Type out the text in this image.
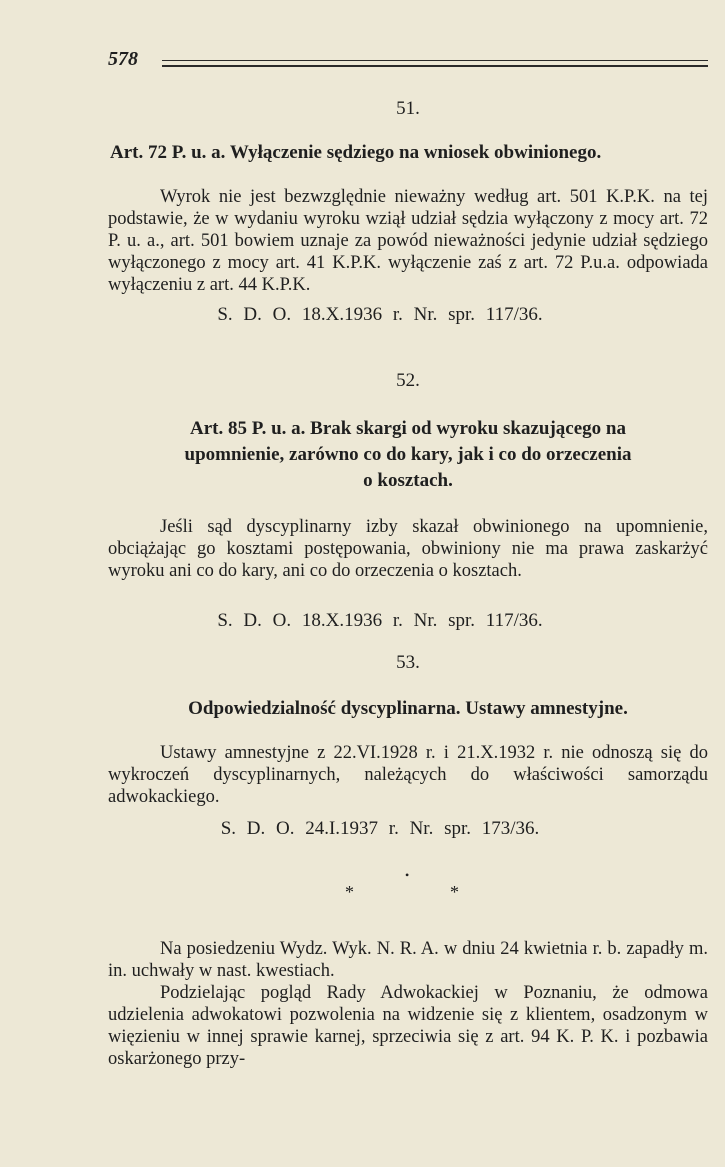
578
51.
Art. 72 P. u. a. Wyłączenie sędziego na wniosek obwinionego.

Wyrok nie jest bezwzględnie nieważny według art. 501 K.P.K. na tej podstawie, że w wydaniu wyroku wziął udział sędzia wyłączony z mocy art. 72 P. u. a., art. 501 bowiem uznaje za powód nieważności jedynie udział sędziego wyłączonego z mocy art. 41 K.P.K. wyłączenie zaś z art. 72 P.u.a. odpowiada wyłączeniu z art. 44 K.P.K.

S. D. O. 18.X.1936 r. Nr. spr. 117/36.
52.
Art. 85 P. u. a. Brak skargi od wyroku skazującego na
upomnienie, zarówno co do kary, jak i co do orzeczenia
o kosztach.

Jeśli sąd dyscyplinarny izby skazał obwinionego na upomnienie, obciążając go kosztami postępowania, obwiniony nie ma prawa zaskarżyć wyroku ani co do kary, ani co do orzeczenia o kosztach.

S. D. O. 18.X.1936 r. Nr. spr. 117/36.
53.
Odpowiedzialność dyscyplinarna. Ustawy amnestyjne.

Ustawy amnestyjne z 22.VI.1928 r. i 21.X.1932 r. nie odnoszą się do wykroczeń dyscyplinarnych, należących do właściwości samorządu adwokackiego.

S. D. O. 24.I.1937 r. Nr. spr. 173/36.
•
*	*

Na posiedzeniu Wydz. Wyk. N. R. A. w dniu 24 kwietnia r. b. zapadły m. in. uchwały w nast. kwestiach.

Podzielając pogląd Rady Adwokackiej w Poznaniu, że odmowa udzielenia adwokatowi pozwolenia na widzenie się z klientem, osadzonym w więzieniu w innej sprawie karnej, sprzeciwia się z art. 94 K. P. K. i pozbawia oskarżonego przy-
